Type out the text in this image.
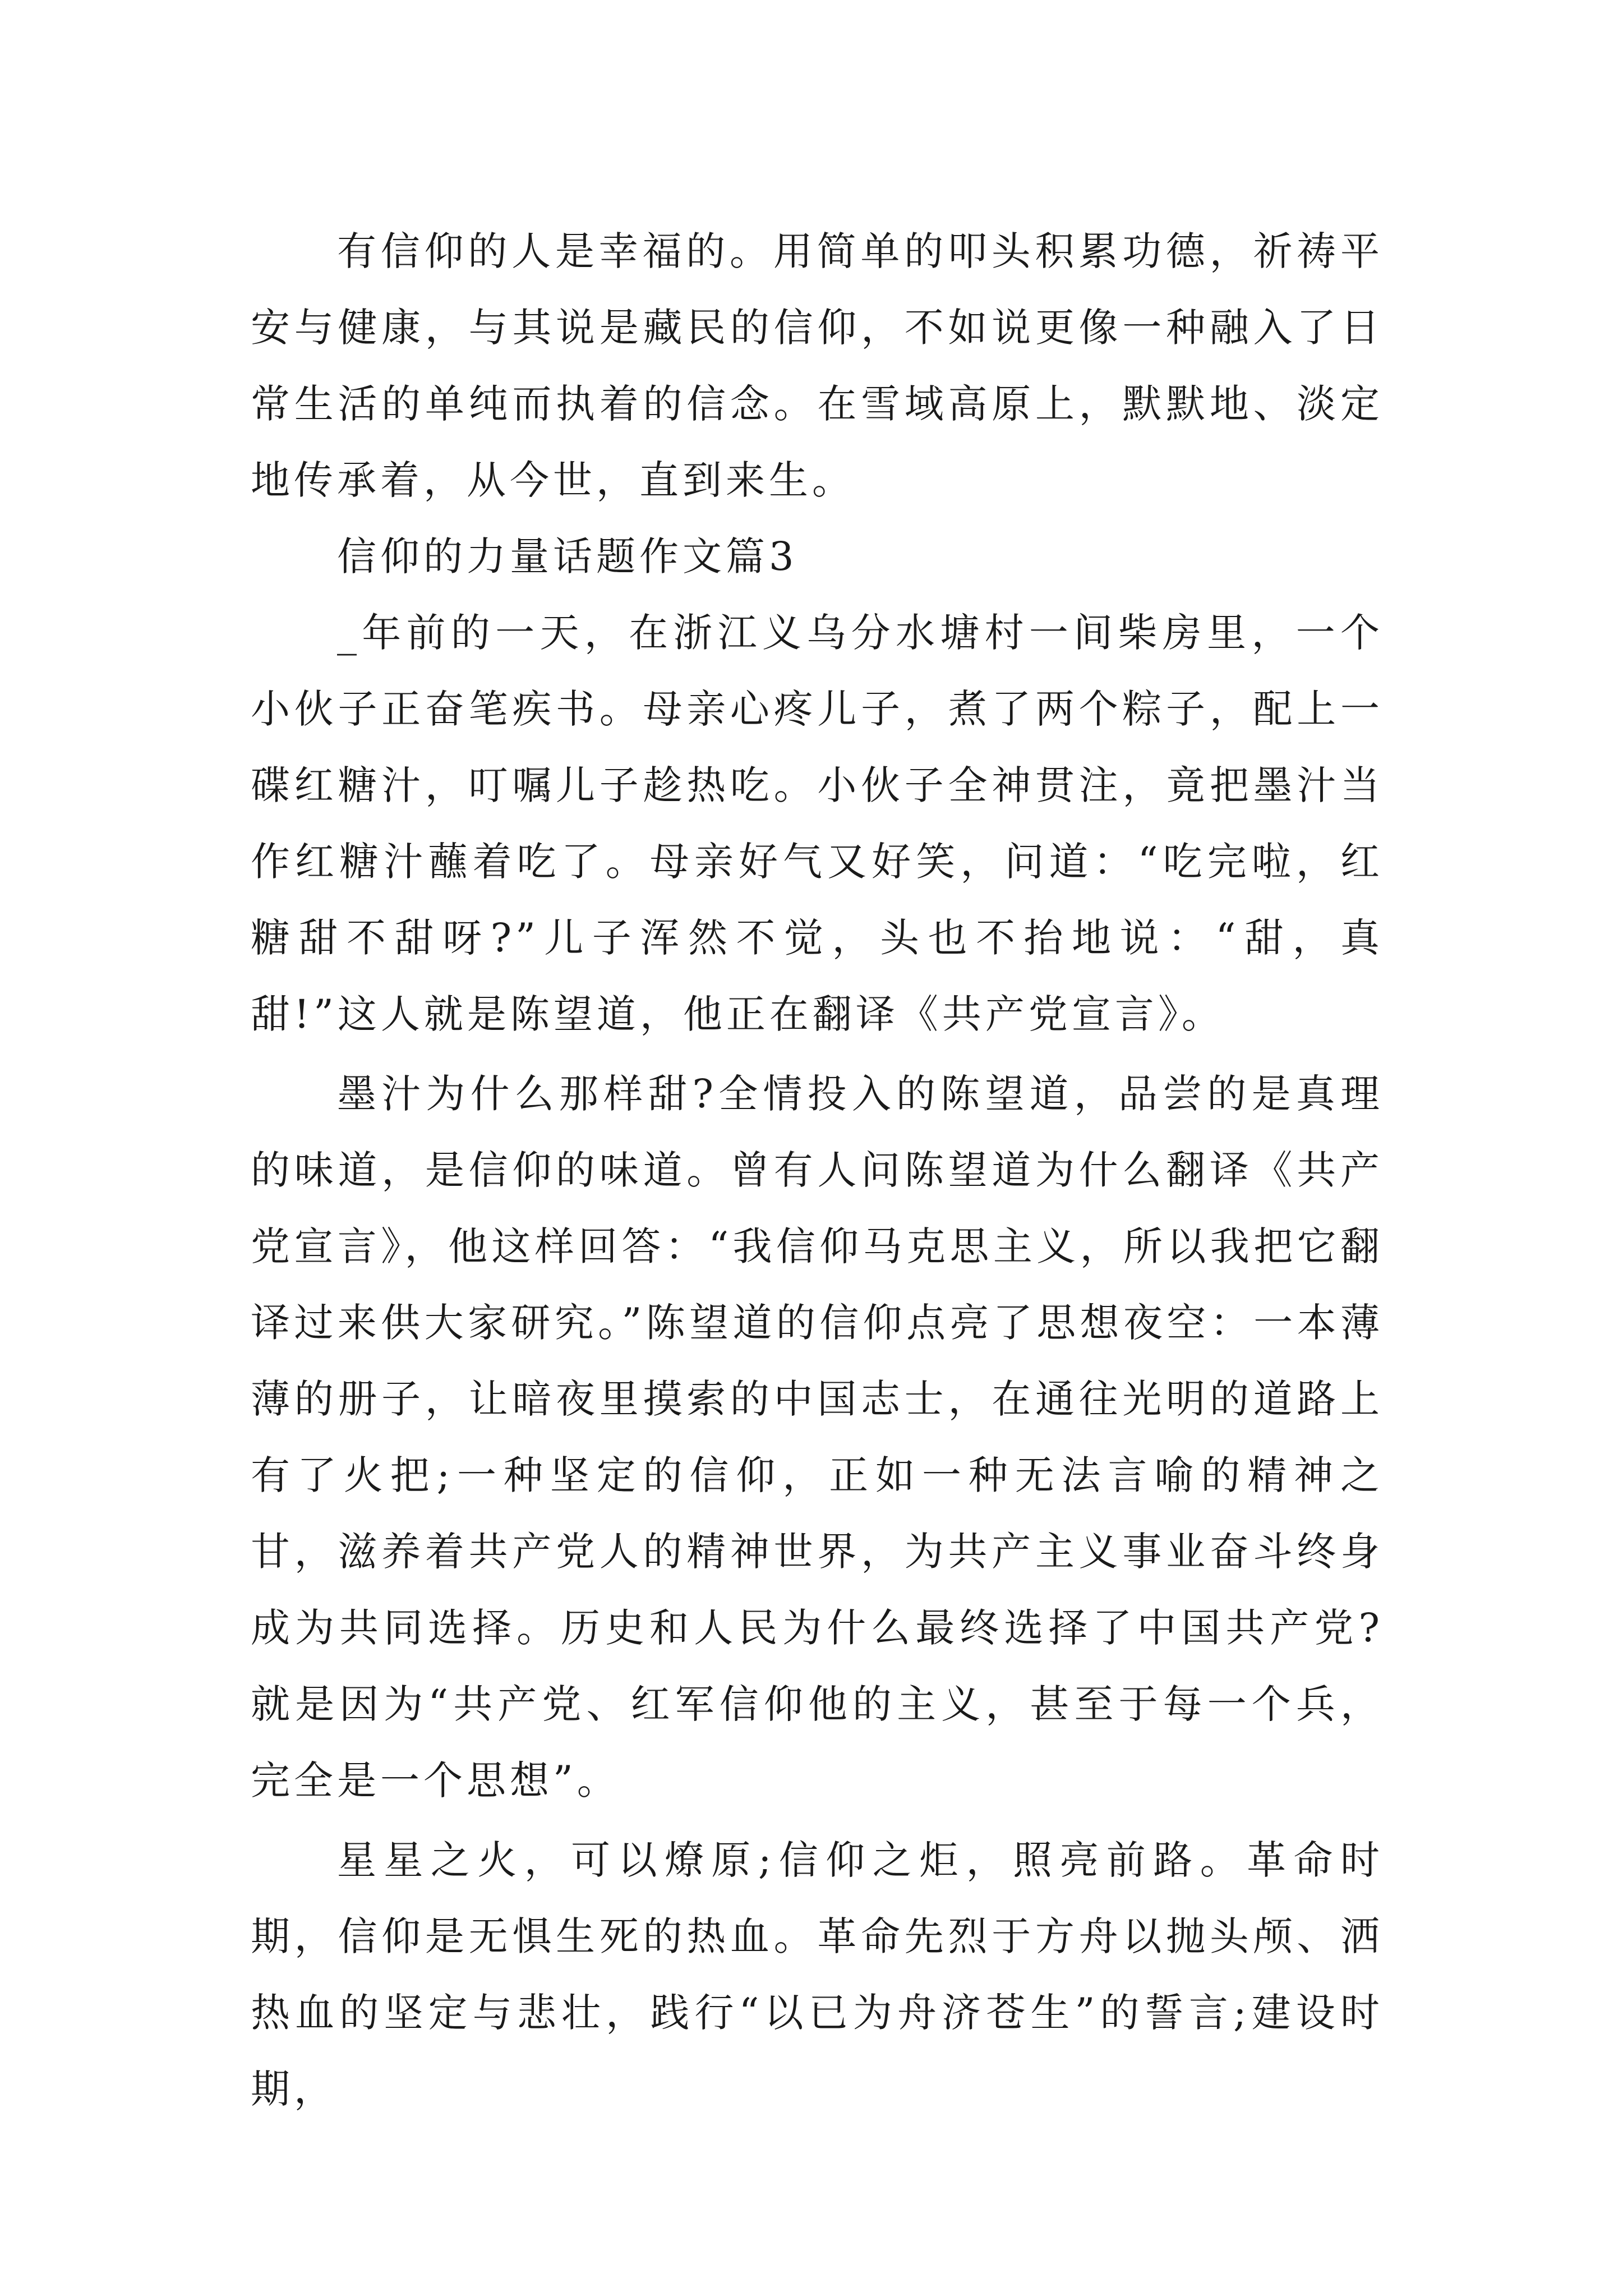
有信仰的人是幸福的。用简单的叩头积累功德，祈祷平安与健康，与其说是藏民的信仰，不如说更像一种融入了日常生活的单纯而执着的信念。在雪域高原上，默默地、淡定地传承着，从今世，直到来生。

信仰的力量话题作文篇3

_年前的一天，在浙江义乌分水塘村一间柴房里，一个小伙子正奋笔疾书。母亲心疼儿子，煮了两个粽子，配上一碟红糖汁，叮嘱儿子趁热吃。小伙子全神贯注，竟把墨汁当作红糖汁蘸着吃了。母亲好气又好笑，问道：“吃完啦，红糖甜不甜呀?”儿子浑然不觉，头也不抬地说：“甜，真甜!”这人就是陈望道，他正在翻译《共产党宣言》。

墨汁为什么那样甜?全情投入的陈望道，品尝的是真理的味道，是信仰的味道。曾有人问陈望道为什么翻译《共产党宣言》，他这样回答：“我信仰马克思主义，所以我把它翻译过来供大家研究。”陈望道的信仰点亮了思想夜空：一本薄薄的册子，让暗夜里摸索的中国志士，在通往光明的道路上有了火把;一种坚定的信仰，正如一种无法言喻的精神之甘，滋养着共产党人的精神世界，为共产主义事业奋斗终身成为共同选择。历史和人民为什么最终选择了中国共产党?就是因为“共产党、红军信仰他的主义，甚至于每一个兵，完全是一个思想”。

星星之火，可以燎原;信仰之炬，照亮前路。革命时期，信仰是无惧生死的热血。革命先烈于方舟以抛头颅、洒热血的坚定与悲壮，践行“以已为舟济苍生”的誓言;建设时期，
